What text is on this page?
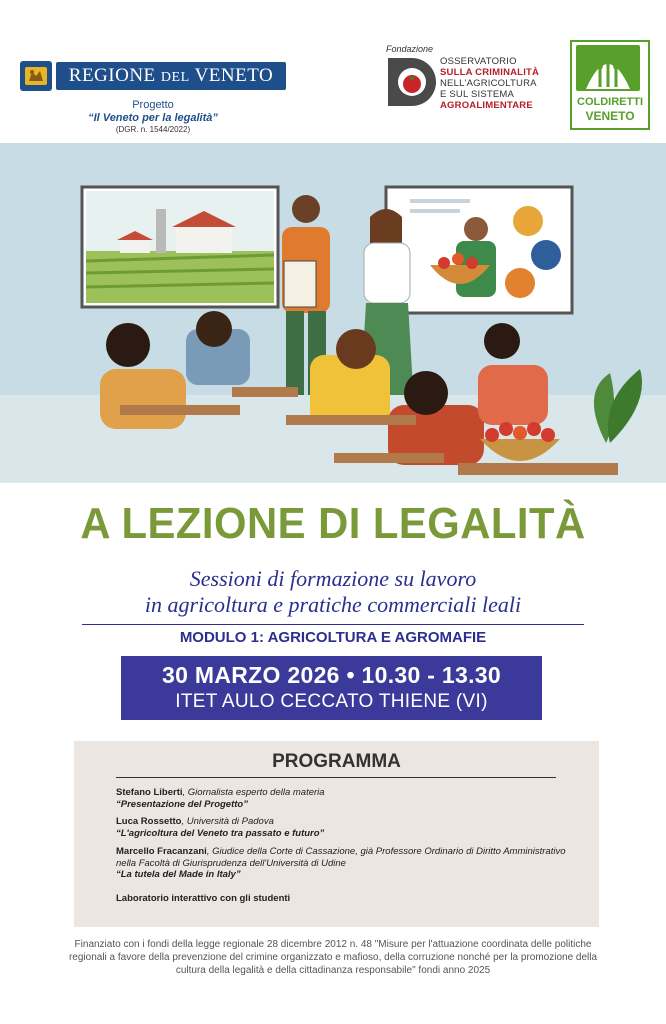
REGIONE DEL VENETO
Progetto
“Il Veneto per la legalità”
(DGR. n. 1544/2022)
Fondazione
OSSERVATORIO
SULLA CRIMINALITÀ
NELL'AGRICOLTURA
E SUL SISTEMA
AGROALIMENTARE	COLDIRETTI
VENETO
A LEZIONE DI LEGALITÀ
Sessioni di formazione su lavoro
in agricoltura e pratiche commerciali leali
MODULO 1: AGRICOLTURA E AGROMAFIE
30 MARZO 2026 • 10.30 - 13.30
ITET AULO CECCATO THIENE (VI)
PROGRAMMA
Stefano Liberti, Giornalista esperto della materia
“Presentazione del Progetto”
Luca Rossetto, Università di Padova
“L'agricoltura del Veneto tra passato e futuro”
Marcello Fracanzani, Giudice della Corte di Cassazione, già Professore Ordinario di Diritto Amministrativo nella Facoltà di Giurisprudenza dell'Università di Udine
“La tutela del Made in Italy”
Laboratorio interattivo con gli studenti
Finanziato con i fondi della legge regionale 28 dicembre 2012 n. 48 "Misure per l'attuazione coordinata delle politiche regionali a favore della prevenzione del crimine organizzato e mafioso, della corruzione nonché per la promozione della cultura della legalità e della cittadinanza responsabile" fondi anno 2025
